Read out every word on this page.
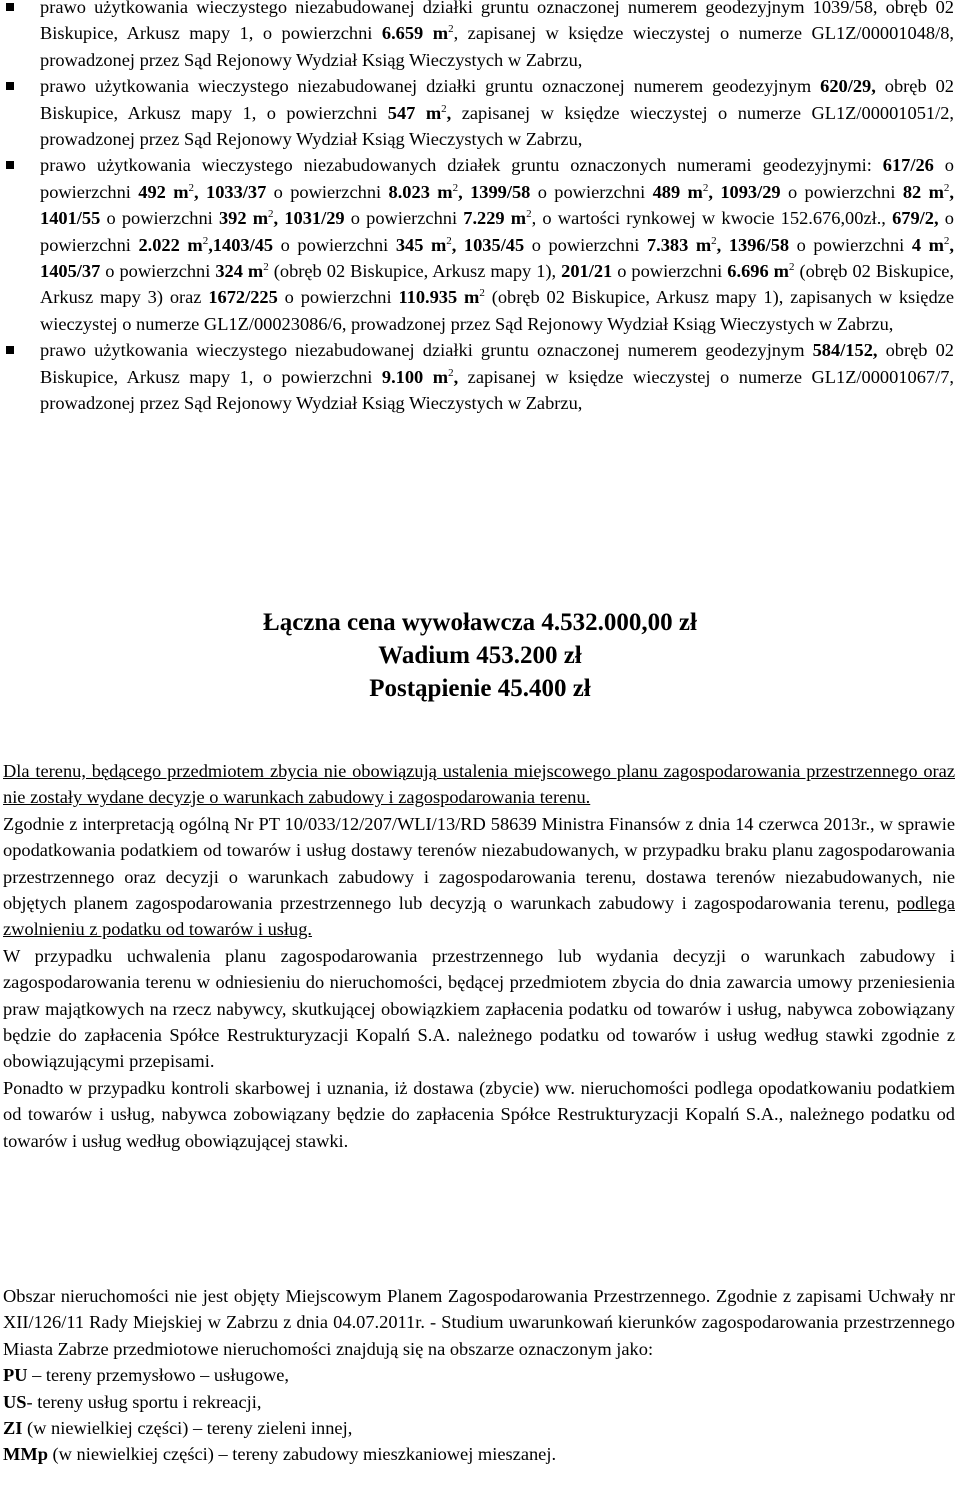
prawo użytkowania wieczystego niezabudowanej działki gruntu oznaczonej numerem geodezyjnym 1039/58, obręb 02 Biskupice, Arkusz mapy 1, o powierzchni 6.659 $m^2$, zapisanej w księdze wieczystej o numerze GL1Z/00001048/8, prowadzonej przez Sąd Rejonowy Wydział Ksiąg Wieczystych w Zabrzu,
prawo użytkowania wieczystego niezabudowanej działki gruntu oznaczonej numerem geodezyjnym 620/29, obręb 02 Biskupice, Arkusz mapy 1, o powierzchni 547 $m^2$, zapisanej w księdze wieczystej o numerze GL1Z/00001051/2, prowadzonej przez Sąd Rejonowy Wydział Ksiąg Wieczystych w Zabrzu,
prawo użytkowania wieczystego niezabudowanych działek gruntu oznaczonych numerami geodezyjnymi: 617/26 o powierzchni 492 $m^2$, 1033/37 o powierzchni 8.023 $m^2$, 1399/58 o powierzchni 489 $m^2$, 1093/29 o powierzchni 82 $m^2$, 1401/55 o powierzchni 392 $m^2$, 1031/29 o powierzchni 7.229 $m^2$, o wartości rynkowej w kwocie 152.676,00zł., 679/2, o powierzchni 2.022 $m^2,1403/45$ o powierzchni 345 $m^2$, 1035/45 o powierzchni 7.383 $m^2$, 1396/58 o powierzchni 4 $m^2$, 1405/37 o powierzchni 324 $m^2$ (obręb 02 Biskupice, Arkusz mapy 1), 201/21 o powierzchni 6.696 $m^2$ (obręb 02 Biskupice, Arkusz mapy 3) oraz 1672/225 o powierzchni 110.935 $m^2$ (obręb 02 Biskupice, Arkusz mapy 1), zapisanych w księdze wieczystej o numerze GL1Z/00023086/6, prowadzonej przez Sąd Rejonowy Wydział Ksiąg Wieczystych w Zabrzu,
prawo użytkowania wieczystego niezabudowanej działki gruntu oznaczonej numerem geodezyjnym 584/152, obręb 02 Biskupice, Arkusz mapy 1, o powierzchni 9.100 $m^2$, zapisanej w księdze wieczystej o numerze GL1Z/00001067/7, prowadzonej przez Sąd Rejonowy Wydział Ksiąg Wieczystych w Zabrzu,
Łączna cena wywoławcza 4.532.000,00 zł
Wadium 453.200 zł
Postąpienie 45.400 zł

Dla terenu, będącego przedmiotem zbycia nie obowiązują ustalenia miejscowego planu zagospodarowania przestrzennego oraz nie zostały wydane decyzje o warunkach zabudowy i zagospodarowania terenu.

Zgodnie z interpretacją ogólną Nr PT 10/033/12/207/WLI/13/RD 58639 Ministra Finansów z dnia 14 czerwca 2013r., w sprawie opodatkowania podatkiem od towarów i usług dostawy terenów niezabudowanych, w przypadku braku planu zagospodarowania przestrzennego oraz decyzji o warunkach zabudowy i zagospodarowania terenu, dostawa terenów niezabudowanych, nie objętych planem zagospodarowania przestrzennego lub decyzją o warunkach zabudowy i zagospodarowania terenu, podlega zwolnieniu z podatku od towarów i usług.

W przypadku uchwalenia planu zagospodarowania przestrzennego lub wydania decyzji o warunkach zabudowy i zagospodarowania terenu w odniesieniu do nieruchomości, będącej przedmiotem zbycia do dnia zawarcia umowy przeniesienia praw majątkowych na rzecz nabywcy, skutkującej obowiązkiem zapłacenia podatku od towarów i usług, nabywca zobowiązany będzie do zapłacenia Spółce Restrukturyzacji Kopalń S.A. należnego podatku od towarów i usług według stawki zgodnie z obowiązującymi przepisami.

Ponadto w przypadku kontroli skarbowej i uznania, iż dostawa (zbycie) ww. nieruchomości podlega opodatkowaniu podatkiem od towarów i usług, nabywca zobowiązany będzie do zapłacenia Spółce Restrukturyzacji Kopalń S.A., należnego podatku od towarów i usług według obowiązującej stawki.

Obszar nieruchomości nie jest objęty Miejscowym Planem Zagospodarowania Przestrzennego. Zgodnie z zapisami Uchwały nr XII/126/11 Rady Miejskiej w Zabrzu z dnia 04.07.2011r. - Studium uwarunkowań kierunków zagospodarowania przestrzennego Miasta Zabrze przedmiotowe nieruchomości znajdują się na obszarze oznaczonym jako:

PU – tereny przemysłowo – usługowe,

US- tereny usług sportu i rekreacji,

ZI (w niewielkiej części) – tereny zieleni innej,

MMp (w niewielkiej części) – tereny zabudowy mieszkaniowej mieszanej.
